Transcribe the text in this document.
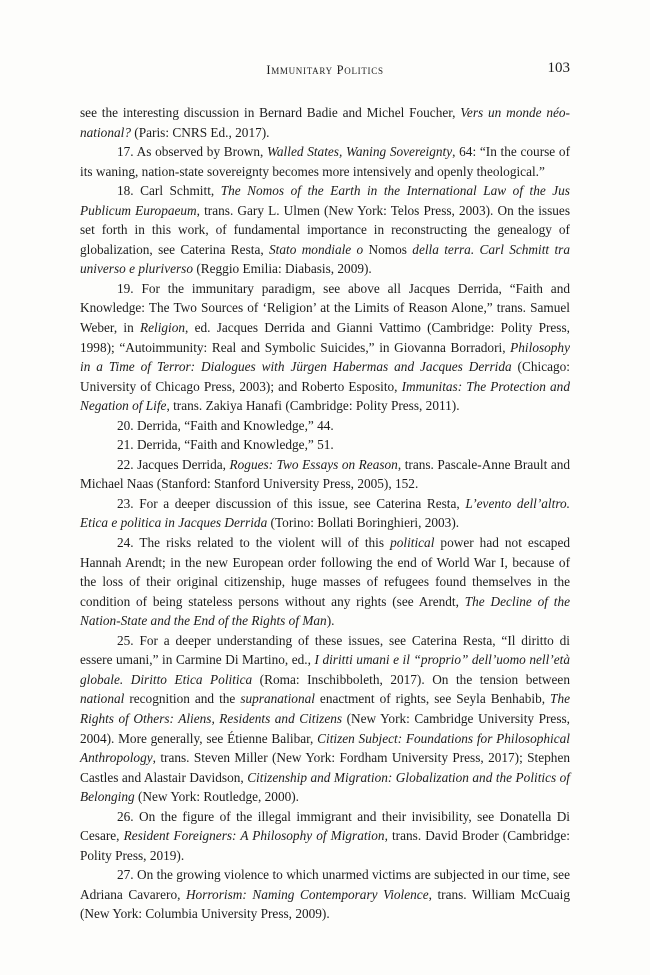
Immunitary Politics	103

see the interesting discussion in Bernard Badie and Michel Foucher, Vers un monde néo-national? (Paris: CNRS Ed., 2017).

17. As observed by Brown, Walled States, Waning Sovereignty, 64: “In the course of its waning, nation-state sovereignty becomes more intensively and openly theological.”

18. Carl Schmitt, The Nomos of the Earth in the International Law of the Jus Publicum Europaeum, trans. Gary L. Ulmen (New York: Telos Press, 2003). On the issues set forth in this work, of fundamental importance in reconstructing the genealogy of globalization, see Caterina Resta, Stato mondiale o Nomos della terra. Carl Schmitt tra universo e pluriverso (Reggio Emilia: Diabasis, 2009).

19. For the immunitary paradigm, see above all Jacques Derrida, “Faith and Knowledge: The Two Sources of ‘Religion’ at the Limits of Reason Alone,” trans. Samuel Weber, in Religion, ed. Jacques Derrida and Gianni Vattimo (Cambridge: Polity Press, 1998); “Autoimmunity: Real and Symbolic Suicides,” in Giovanna Borradori, Philosophy in a Time of Terror: Dialogues with Jürgen Habermas and Jacques Derrida (Chicago: University of Chicago Press, 2003); and Roberto Esposito, Immunitas: The Protection and Negation of Life, trans. Zakiya Hanafi (Cambridge: Polity Press, 2011).

20. Derrida, “Faith and Knowledge,” 44.

21. Derrida, “Faith and Knowledge,” 51.

22. Jacques Derrida, Rogues: Two Essays on Reason, trans. Pascale-Anne Brault and Michael Naas (Stanford: Stanford University Press, 2005), 152.

23. For a deeper discussion of this issue, see Caterina Resta, L’evento dell’altro. Etica e politica in Jacques Derrida (Torino: Bollati Boringhieri, 2003).

24. The risks related to the violent will of this political power had not escaped Hannah Arendt; in the new European order following the end of World War I, because of the loss of their original citizenship, huge masses of refugees found themselves in the condition of being stateless persons without any rights (see Arendt, The Decline of the Nation-State and the End of the Rights of Man).

25. For a deeper understanding of these issues, see Caterina Resta, “Il diritto di essere umani,” in Carmine Di Martino, ed., I diritti umani e il “proprio” dell’uomo nell’età globale. Diritto Etica Politica (Roma: Inschibboleth, 2017). On the tension between national recognition and the supranational enactment of rights, see Seyla Benhabib, The Rights of Others: Aliens, Residents and Citizens (New York: Cambridge University Press, 2004). More generally, see Étienne Balibar, Citizen Subject: Foundations for Philosophical Anthropology, trans. Steven Miller (New York: Fordham University Press, 2017); Stephen Castles and Alastair Davidson, Citizenship and Migration: Globalization and the Politics of Belonging (New York: Routledge, 2000).

26. On the figure of the illegal immigrant and their invisibility, see Donatella Di Cesare, Resident Foreigners: A Philosophy of Migration, trans. David Broder (Cambridge: Polity Press, 2019).

27. On the growing violence to which unarmed victims are subjected in our time, see Adriana Cavarero, Horrorism: Naming Contemporary Violence, trans. William McCuaig (New York: Columbia University Press, 2009).
